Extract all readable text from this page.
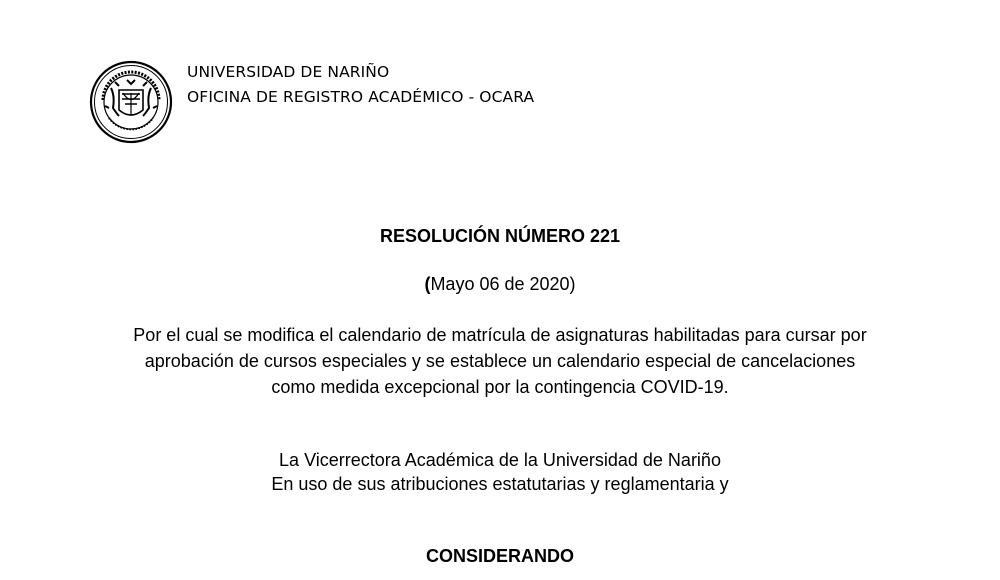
UNIVERSIDAD DE NARIÑO
OFICINA DE REGISTRO ACADÉMICO - OCARA
RESOLUCIÓN NÚMERO 221
(Mayo 06 de 2020)
Por el cual se modifica el calendario de matrícula de asignaturas habilitadas para cursar por
aprobación de cursos especiales y se establece un calendario especial de cancelaciones
como medida excepcional por la contingencia COVID-19.
La Vicerrectora Académica de la Universidad de Nariño
En uso de sus atribuciones estatutarias y reglamentaria y
CONSIDERANDO
